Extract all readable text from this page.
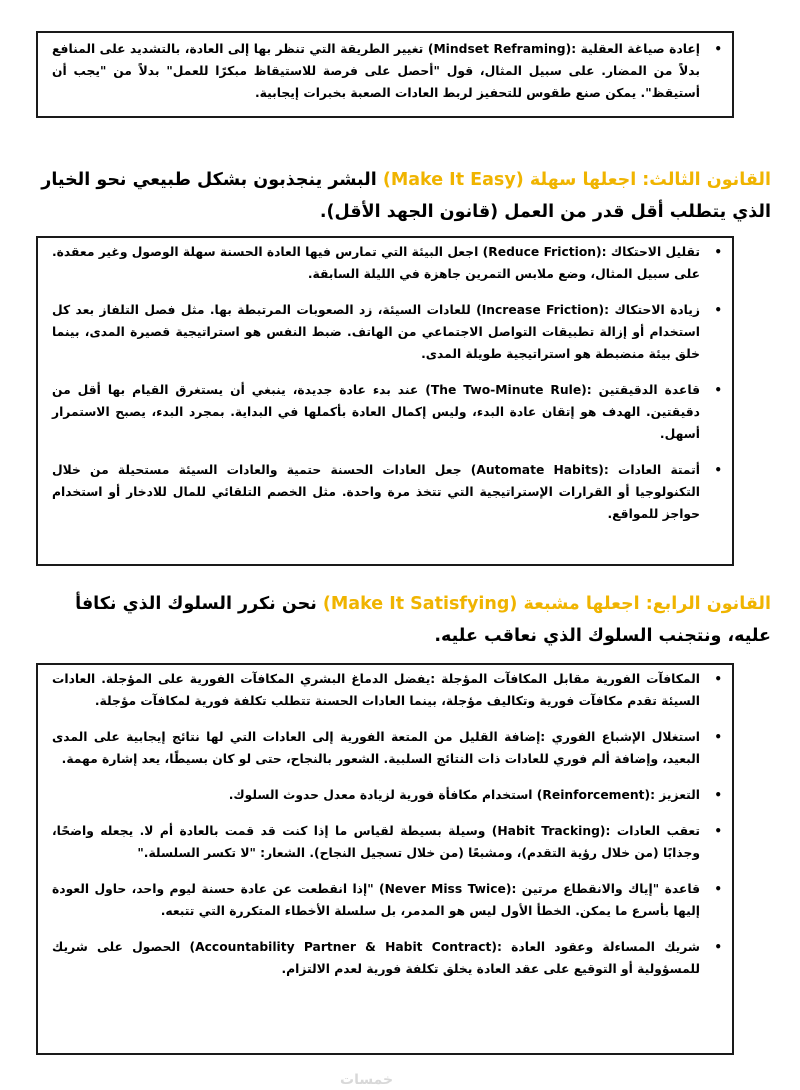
•
إعادة صياغة العقلية :(Mindset Reframing) تغيير الطريقة التي تنظر بها إلى العادة، بالتشديد على المنافع بدلاً من المضار. على سبيل المثال، قول "أحصل على فرصة للاستيقاظ مبكرًا للعمل" بدلاً من "يجب أن أستيقظ". يمكن صنع طقوس للتحفيز لربط العادات الصعبة بخبرات إيجابية.

القانون الثالث: اجعلها سهلة (Make It Easy) البشر ينجذبون بشكل طبيعي نحو الخيار الذي يتطلب أقل قدر من العمل (قانون الجهد الأقل).

•
تقليل الاحتكاك :(Reduce Friction) اجعل البيئة التي تمارس فيها العادة الحسنة سهلة الوصول وغير معقدة. على سبيل المثال، وضع ملابس التمرين جاهزة في الليلة السابقة.

•
زيادة الاحتكاك :(Increase Friction) للعادات السيئة، زد الصعوبات المرتبطة بها. مثل فصل التلفاز بعد كل استخدام أو إزالة تطبيقات التواصل الاجتماعي من الهاتف. ضبط النفس هو استراتيجية قصيرة المدى، بينما خلق بيئة منضبطة هو استراتيجية طويلة المدى.

•
قاعدة الدقيقتين :(The Two-Minute Rule) عند بدء عادة جديدة، ينبغي أن يستغرق القيام بها أقل من دقيقتين. الهدف هو إتقان عادة البدء، وليس إكمال العادة بأكملها في البداية. بمجرد البدء، يصبح الاستمرار أسهل.

•
أتمتة العادات :(Automate Habits) جعل العادات الحسنة حتمية والعادات السيئة مستحيلة من خلال التكنولوجيا أو القرارات الإستراتيجية التي تتخذ مرة واحدة. مثل الخصم التلقائي للمال للادخار أو استخدام حواجز للمواقع.

القانون الرابع: اجعلها مشبعة (Make It Satisfying) نحن نكرر السلوك الذي نكافأ عليه، ونتجنب السلوك الذي نعاقب عليه.

•
المكافآت الفورية مقابل المكافآت المؤجلة :يفضل الدماغ البشري المكافآت الفورية على المؤجلة. العادات السيئة تقدم مكافآت فورية وتكاليف مؤجلة، بينما العادات الحسنة تتطلب تكلفة فورية لمكافآت مؤجلة.

•
استغلال الإشباع الفوري :إضافة القليل من المتعة الفورية إلى العادات التي لها نتائج إيجابية على المدى البعيد، وإضافة ألم فوري للعادات ذات النتائج السلبية. الشعور بالنجاح، حتى لو كان بسيطًا، يعد إشارة مهمة.

•
التعزيز :(Reinforcement) استخدام مكافأة فورية لزيادة معدل حدوث السلوك.

•
تعقب العادات :(Habit Tracking) وسيلة بسيطة لقياس ما إذا كنت قد قمت بالعادة أم لا. يجعله واضحًا، وجذابًا (من خلال رؤية التقدم)، ومشبعًا (من خلال تسجيل النجاح). الشعار: "لا تكسر السلسلة."

•
قاعدة "إياك والانقطاع مرتين :(Never Miss Twice) "إذا انقطعت عن عادة حسنة ليوم واحد، حاول العودة إليها بأسرع ما يمكن. الخطأ الأول ليس هو المدمر، بل سلسلة الأخطاء المتكررة التي تتبعه.

•
شريك المساءلة وعقود العادة :(Accountability Partner & Habit Contract) الحصول على شريك للمسؤولية أو التوقيع على عقد العادة يخلق تكلفة فورية لعدم الالتزام.

خمسات
